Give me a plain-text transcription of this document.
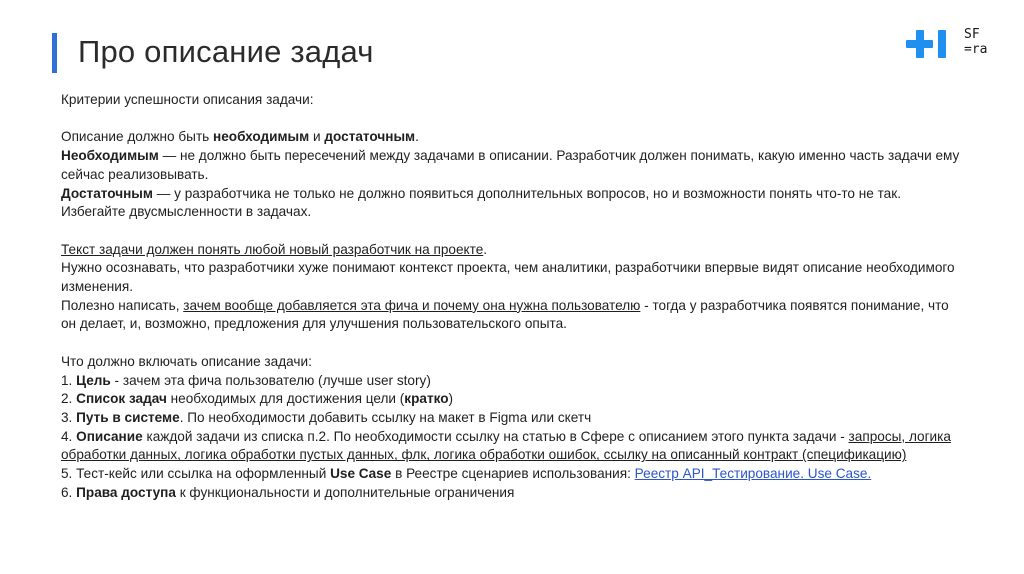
Про описание задач	SF
=ra

Критерии успешности описания задачи:

Описание должно быть необходимым и достаточным.

Необходимым — не должно быть пересечений между задачами в описании. Разработчик должен понимать, какую именно часть задачи ему сейчас реализовывать.

Достаточным — у разработчика не только не должно появиться дополнительных вопросов, но и возможности понять что-то не так. Избегайте двусмысленности в задачах.

Текст задачи должен понять любой новый разработчик на проекте.

Нужно осознавать, что разработчики хуже понимают контекст проекта, чем аналитики, разработчики впервые видят описание необходимого изменения.

Полезно написать, зачем вообще добавляется эта фича и почему она нужна пользователю - тогда у разработчика появятся понимание, что он делает, и, возможно, предложения для улучшения пользовательского опыта.

Что должно включать описание задачи:

1. Цель - зачем эта фича пользователю (лучше user story)

2. Список задач необходимых для достижения цели (кратко)

3. Путь в системе. По необходимости добавить ссылку на макет в Figma или скетч

4. Описание каждой задачи из списка п.2. По необходимости ссылку на статью в Сфере с описанием этого пункта задачи - запросы, логика обработки данных, логика обработки пустых данных, флк, логика обработки ошибок, ссылку на описанный контракт (спецификацию)

5. Тест-кейс или ссылка на оформленный Use Case в Реестре сценариев использования: Реестр API_Тестирование. Use Case.

6. Права доступа к функциональности и дополнительные ограничения
